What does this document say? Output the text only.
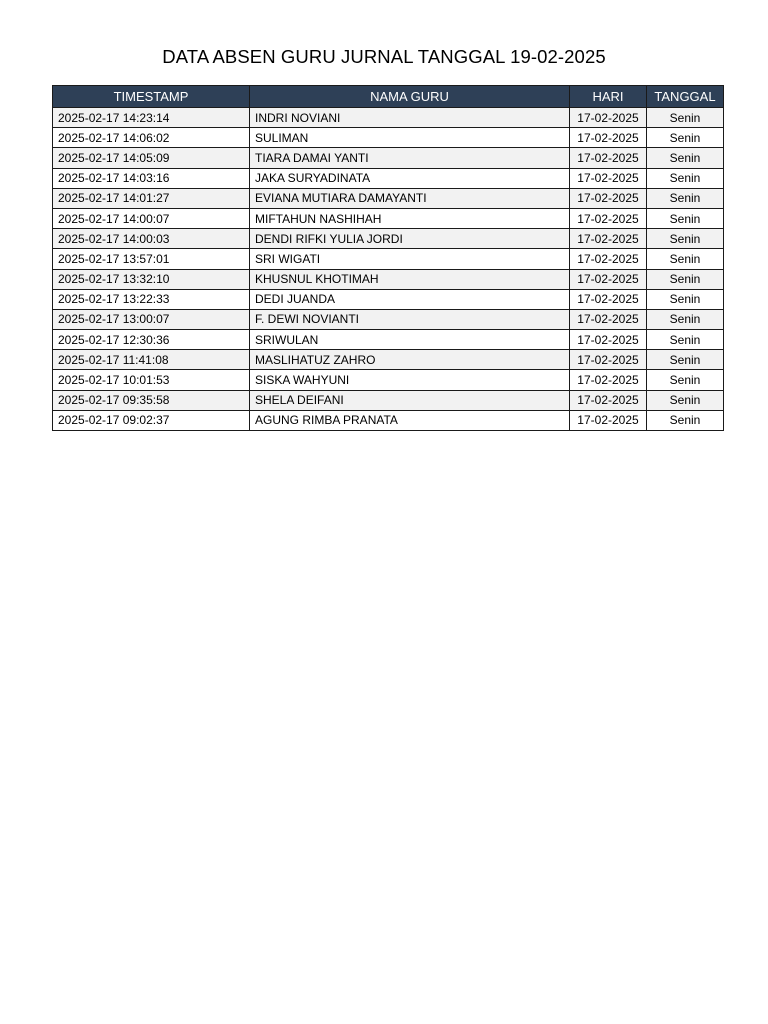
DATA ABSEN GURU JURNAL TANGGAL 19-02-2025
TIMESTAMP	NAMA GURU	HARI	TANGGAL
2025-02-17 14:23:14	INDRI NOVIANI	17-02-2025	Senin
2025-02-17 14:06:02	SULIMAN	17-02-2025	Senin
2025-02-17 14:05:09	TIARA DAMAI YANTI	17-02-2025	Senin
2025-02-17 14:03:16	JAKA SURYADINATA	17-02-2025	Senin
2025-02-17 14:01:27	EVIANA MUTIARA DAMAYANTI	17-02-2025	Senin
2025-02-17 14:00:07	MIFTAHUN NASHIHAH	17-02-2025	Senin
2025-02-17 14:00:03	DENDI RIFKI YULIA JORDI	17-02-2025	Senin
2025-02-17 13:57:01	SRI WIGATI	17-02-2025	Senin
2025-02-17 13:32:10	KHUSNUL KHOTIMAH	17-02-2025	Senin
2025-02-17 13:22:33	DEDI JUANDA	17-02-2025	Senin
2025-02-17 13:00:07	F. DEWI NOVIANTI	17-02-2025	Senin
2025-02-17 12:30:36	SRIWULAN	17-02-2025	Senin
2025-02-17 11:41:08	MASLIHATUZ ZAHRO	17-02-2025	Senin
2025-02-17 10:01:53	SISKA WAHYUNI	17-02-2025	Senin
2025-02-17 09:35:58	SHELA DEIFANI	17-02-2025	Senin
2025-02-17 09:02:37	AGUNG RIMBA PRANATA	17-02-2025	Senin
